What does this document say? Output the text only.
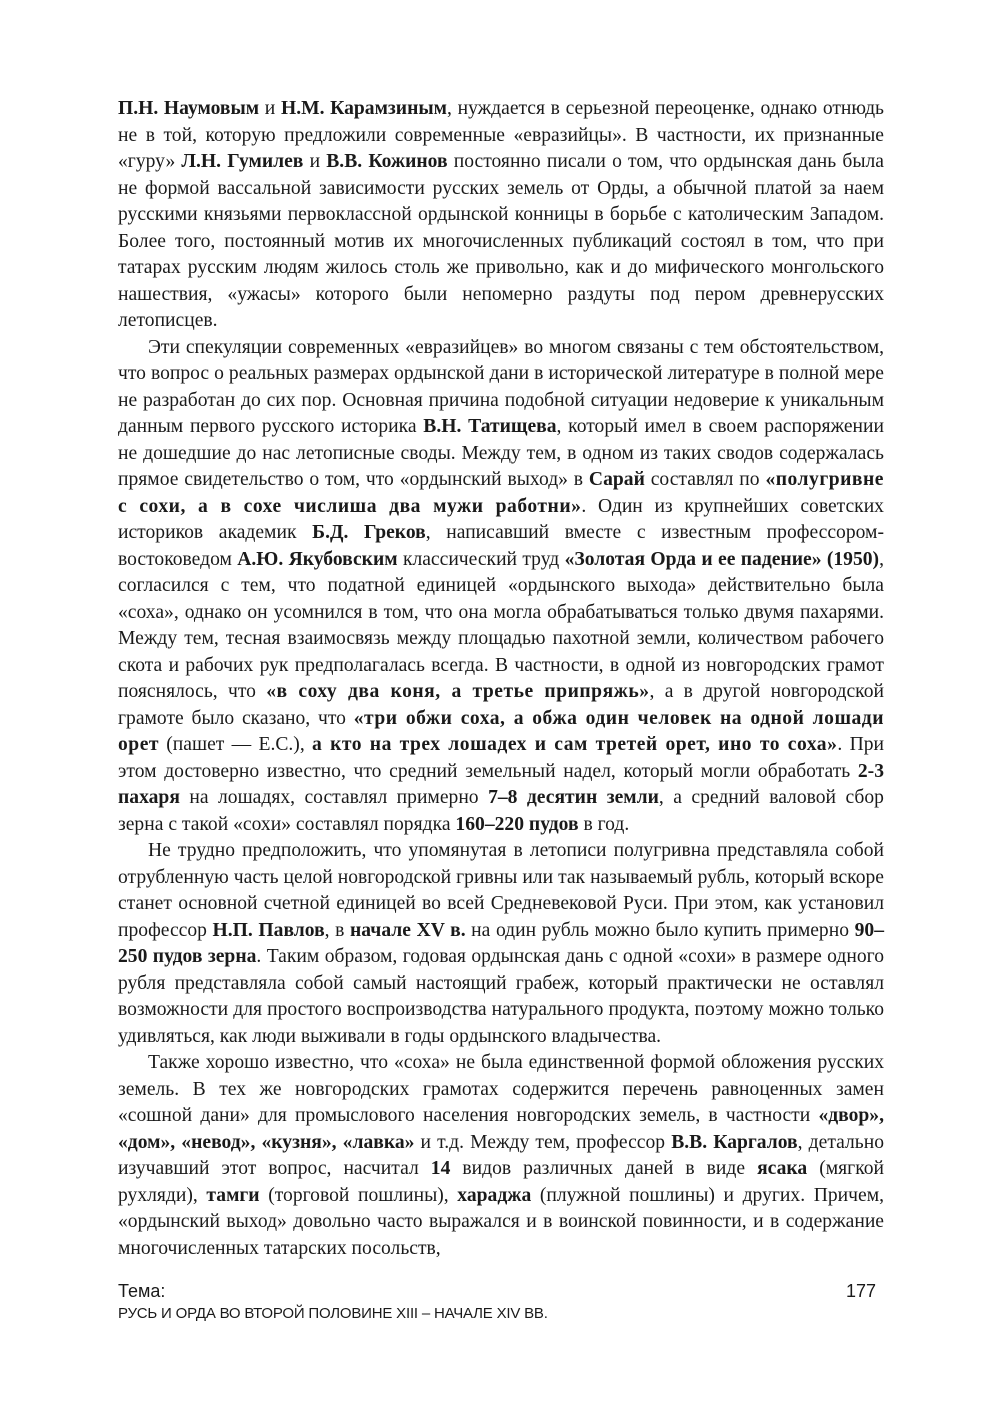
П.Н. Наумовым и Н.М. Карамзиным, нуждается в серьезной переоценке, однако отнюдь не в той, которую предложили современные «евразийцы». В частности, их признанные «гуру» Л.Н. Гумилев и В.В. Кожинов постоянно писали о том, что ордынская дань была не формой вассальной зависимости русских земель от Орды, а обычной платой за наем русскими князьями первоклассной ордынской конницы в борьбе с католическим Западом. Более того, постоянный мотив их многочисленных публикаций состоял в том, что при татарах русским людям жилось столь же привольно, как и до мифического монгольского нашествия, «ужасы» которого были непомерно раздуты под пером древнерусских летописцев.

Эти спекуляции современных «евразийцев» во многом связаны с тем обстоятельством, что вопрос о реальных размерах ордынской дани в исторической литературе в полной мере не разработан до сих пор. Основная причина подобной ситуации недоверие к уникальным данным первого русского историка В.Н. Татищева, который имел в своем распоряжении не дошедшие до нас летописные своды. Между тем, в одном из таких сводов содержалась прямое свидетельство о том, что «ордынский выход» в Сарай составлял по «полугривне с сохи, а в сохе числиша два мужи работни». Один из крупнейших советских историков академик Б.Д. Греков, написавший вместе с известным профессором-востоковедом А.Ю. Якубовским классический труд «Золотая Орда и ее падение» (1950), согласился с тем, что податной единицей «ордынского выхода» действительно была «соха», однако он усомнился в том, что она могла обрабатываться только двумя пахарями. Между тем, тесная взаимосвязь между площадью пахотной земли, количеством рабочего скота и рабочих рук предполагалась всегда. В частности, в одной из новгородских грамот пояснялось, что «в соху два коня, а третье припряжь», а в другой новгородской грамоте было сказано, что «три обжи соха, а обжа один человек на одной лошади орет (пашет — Е.С.), а кто на трех лошадех и сам третей орет, ино то соха». При этом достоверно известно, что средний земельный надел, который могли обработать 2-3 пахаря на лошадях, составлял примерно 7–8 десятин земли, а средний валовой сбор зерна с такой «сохи» составлял порядка 160–220 пудов в год.

Не трудно предположить, что упомянутая в летописи полугривна представляла собой отрубленную часть целой новгородской гривны или так называемый рубль, который вскоре станет основной счетной единицей во всей Средневековой Руси. При этом, как установил профессор Н.П. Павлов, в начале XV в. на один рубль можно было купить примерно 90–250 пудов зерна. Таким образом, годовая ордынская дань с одной «сохи» в размере одного рубля представляла собой самый настоящий грабеж, который практически не оставлял возможности для простого воспроизводства натурального продукта, поэтому можно только удивляться, как люди выживали в годы ордынского владычества.

Также хорошо известно, что «соха» не была единственной формой обложения русских земель. В тех же новгородских грамотах содержится перечень равноценных замен «сошной дани» для промыслового населения новгородских земель, в частности «двор», «дом», «невод», «кузня», «лавка» и т.д. Между тем, профессор В.В. Каргалов, детально изучавший этот вопрос, насчитал 14 видов различных даней в виде ясака (мягкой рухляди), тамги (торговой пошлины), хараджа (плужной пошлины) и других. Причем, «ордынский выход» довольно часто выражался и в воинской повинности, и в содержание многочисленных татарских посольств,

Тема:
РУСЬ И ОРДА ВО ВТОРОЙ ПОЛОВИНЕ XIII – НАЧАЛЕ XIV ВВ.
177
